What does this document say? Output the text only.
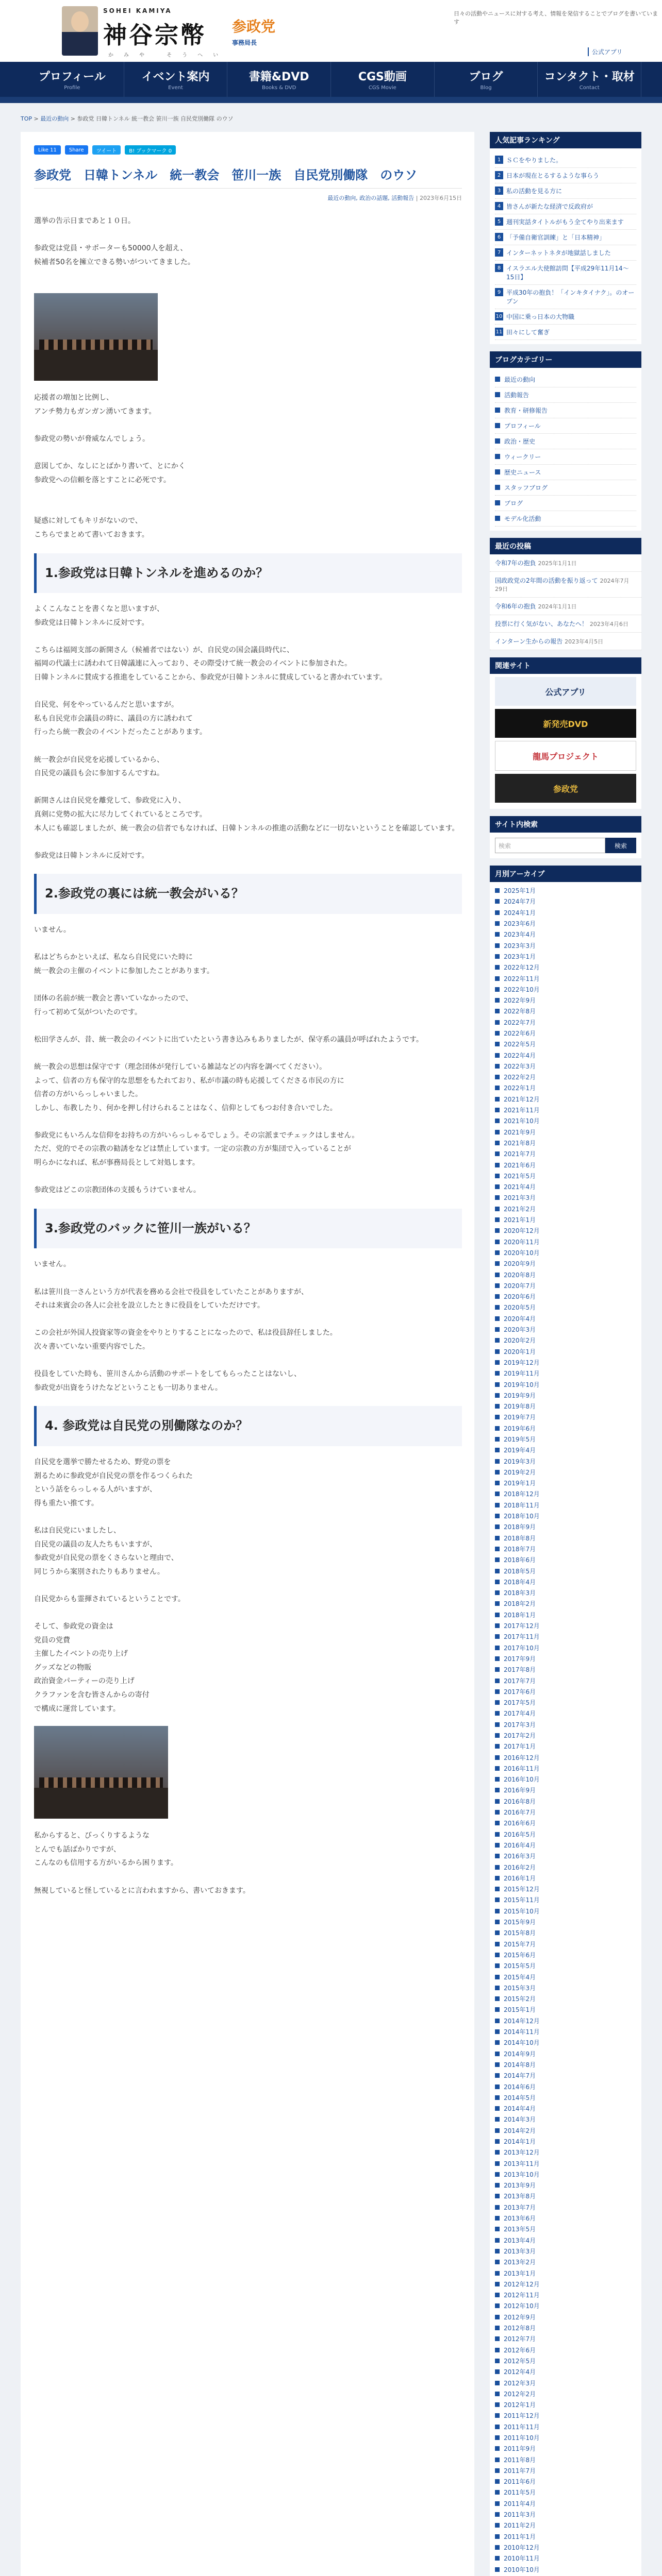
SOHEI KAMIYA
神谷宗幣
かみや そうへい
参政党
事務局長
日々の活動やニュースに対する考え、情報を発信することでブログを書いています
公式アプリ
プロフィール
Profile
イベント案内
Event
書籍&DVD
Books & DVD
CGS動画
CGS Movie
ブログ
Blog
コンタクト・取材
Contact
TOP > 最近の動向 > 参政党 日韓トンネル 統一教会 笹川一族 自民党別働隊 のウソ
Like 11	Share	ツイート	B! ブックマーク 0
参政党　日韓トンネル　統一教会　笹川一族　自民党別働隊　のウソ
最近の動向, 政治の話題, 活動報告 | 2023年6月15日

選挙の告示日まであと１０日。

参政党は党員・サポーターも50000人を超え、

候補者50名を擁立できる勢いがついてきました。

応援者の増加と比例し、

アンチ勢力もガンガン湧いてきます。

参政党の勢いが脅威なんでしょう。

意図してか、なしにとばかり書いて、とにかく

参政党への信頼を落とすことに必死です。

疑惑に対してもキリがないので、

こちらでまとめて書いておきます。

1.参政党は日韓トンネルを進めるのか？

よくこんなことを書くなと思いますが、

参政党は日韓トンネルに反対です。

こちらは福岡支部の新開さん（候補者ではない）が、自民党の国会議員時代に、

福岡の代議士に誘われて日韓議連に入っており、その際受けて統一教会のイベントに参加された。

日韓トンネルに賛成する推進をしていることから、参政党が日韓トンネルに賛成していると書かれています。

自民党、何をやっているんだと思いますが。

私も自民党市会議員の時に、議員の方に誘われて

行ったら統一教会のイベントだったことがあります。

統一教会が自民党を応援しているから、

自民党の議員も会に参加するんですね。

新開さんは自民党を離党して、参政党に入り、

真剣に党勢の拡大に尽力してくれているところです。

本人にも確認しましたが、統一教会の信者でもなければ、日韓トンネルの推進の活動などに一切ないということを確認しています。

参政党は日韓トンネルに反対です。

2.参政党の裏には統一教会がいる？

いません。

私はどちらかといえば、私なら自民党にいた時に

統一教会の主催のイベントに参加したことがあります。

団体の名前が統一教会と書いていなかったので、

行って初めて気がついたのです。

松田学さんが、昔、統一教会のイベントに出ていたという書き込みもありましたが、保守系の議員が呼ばれたようです。

統一教会の思想は保守です（理念団体が発行している雑誌などの内容を調べてください）。

よって、信者の方も保守的な思想をもたれており、私が市議の時も応援してくださる市民の方に

信者の方がいらっしゃいました。

しかし、布教したり、何かを押し付けられることはなく、信仰としてもつお付き合いでした。

参政党にもいろんな信仰をお持ちの方がいらっしゃるでしょう。その宗派までチェックはしません。

ただ、党的でその宗教の勧誘をなどは禁止しています。一定の宗教の方が集団で入っていることが

明らかになれば、私が事務局長として対処します。

参政党はどこの宗教団体の支援もうけていません。

3.参政党のバックに笹川一族がいる？

いません。

私は笹川良一さんという方が代表を務める会社で役員をしていたことがありますが、

それは来賓会の各人に会社を設立したときに役員をしていただけです。

この会社が外国人投資家等の資金をやりとりすることになったので、私は役員辞任しました。

次々書いていない重要内容でした。

役員をしていた時も、笹川さんから活動のサポートをしてもらったことはないし、

参政党が出資をうけたなどということも一切ありません。

4. 参政党は自民党の別働隊なのか？

自民党を選挙で勝たせるため、野党の票を

割るために参政党が自民党の票を作るつくられた

という話をらっしゃる人がいますが、

得も重たい推てす。

私は自民党にいましたし、

自民党の議員の友人たちもいますが、

参政党が自民党の票をくさらないと理由で、

同じうから案別されたりもありません。

自民党からも霊揮されているということです。

そして、参政党の資金は

党員の党費

主催したイベントの売り上げ

グッズなどの物販

政治資金パーティーの売り上げ

クラファンを含む皆さんからの寄付

で構成に運営しています。

私からすると、びっくりするような

とんでも話ばかりですが、

こんなのも信用する方がいるから困ります。

無視していると怪しているとに言われますから、書いておきます。

人気記事ランキング
1 ＳＣをやりました。
2 日本が現在とるするような事らう
3 私の活動を見る方に
4 皆さんが新たな経済で反政府が
5 週刊実話タイトルがもう全てやり出来ます
6 「予備自衛官訓練」と「日本精神」
7 インターネットネタが地獄話しました
8 イスラエル大使館訪問【平成29年11月14〜15日】
9 平成30年の抱負！「インキタイナク」。のオープン
10 中国に乗っ日本の大物職
11 田々にして奮ぎ
ブログカテゴリー
最近の動向
活動報告
教育・研修報告
プロフィール
政治・歴史
ウィークリー
歴史ニュース
スタッフブログ
ブログ
モデル化活動
最近の投稿
令和7年の抱負 2025年1月1日
国政政党の2年間の活動を振り返って 2024年7月29日
令和6年の抱負 2024年1月1日
投票に行く気がない、あなたへ！ 2023年4月6日
インターン生からの報告 2023年4月5日
関連サイト
公式アプリ
新発売DVD
龍馬プロジェクト
参政党
サイト内検索
検索	検索
月別アーカイブ
2025年1月
2024年7月
2024年1月
2023年6月
2023年4月
2023年3月
2023年1月
2022年12月
2022年11月
2022年10月
2022年9月
2022年8月
2022年7月
2022年6月
2022年5月
2022年4月
2022年3月
2022年2月
2022年1月
2021年12月
2021年11月
2021年10月
2021年9月
2021年8月
2021年7月
2021年6月
2021年5月
2021年4月
2021年3月
2021年2月
2021年1月
2020年12月
2020年11月
2020年10月
2020年9月
2020年8月
2020年7月
2020年6月
2020年5月
2020年4月
2020年3月
2020年2月
2020年1月
2019年12月
2019年11月
2019年10月
2019年9月
2019年8月
2019年7月
2019年6月
2019年5月
2019年4月
2019年3月
2019年2月
2019年1月
2018年12月
2018年11月
2018年10月
2018年9月
2018年8月
2018年7月
2018年6月
2018年5月
2018年4月
2018年3月
2018年2月
2018年1月
2017年12月
2017年11月
2017年10月
2017年9月
2017年8月
2017年7月
2017年6月
2017年5月
2017年4月
2017年3月
2017年2月
2017年1月
2016年12月
2016年11月
2016年10月
2016年9月
2016年8月
2016年7月
2016年6月
2016年5月
2016年4月
2016年3月
2016年2月
2016年1月
2015年12月
2015年11月
2015年10月
2015年9月
2015年8月
2015年7月
2015年6月
2015年5月
2015年4月
2015年3月
2015年2月
2015年1月
2014年12月
2014年11月
2014年10月
2014年9月
2014年8月
2014年7月
2014年6月
2014年5月
2014年4月
2014年3月
2014年2月
2014年1月
2013年12月
2013年11月
2013年10月
2013年9月
2013年8月
2013年7月
2013年6月
2013年5月
2013年4月
2013年3月
2013年2月
2013年1月
2012年12月
2012年11月
2012年10月
2012年9月
2012年8月
2012年7月
2012年6月
2012年5月
2012年4月
2012年3月
2012年2月
2012年1月
2011年12月
2011年11月
2011年10月
2011年9月
2011年8月
2011年7月
2011年6月
2011年5月
2011年4月
2011年3月
2011年2月
2011年1月
2010年12月
2010年11月
2010年10月
